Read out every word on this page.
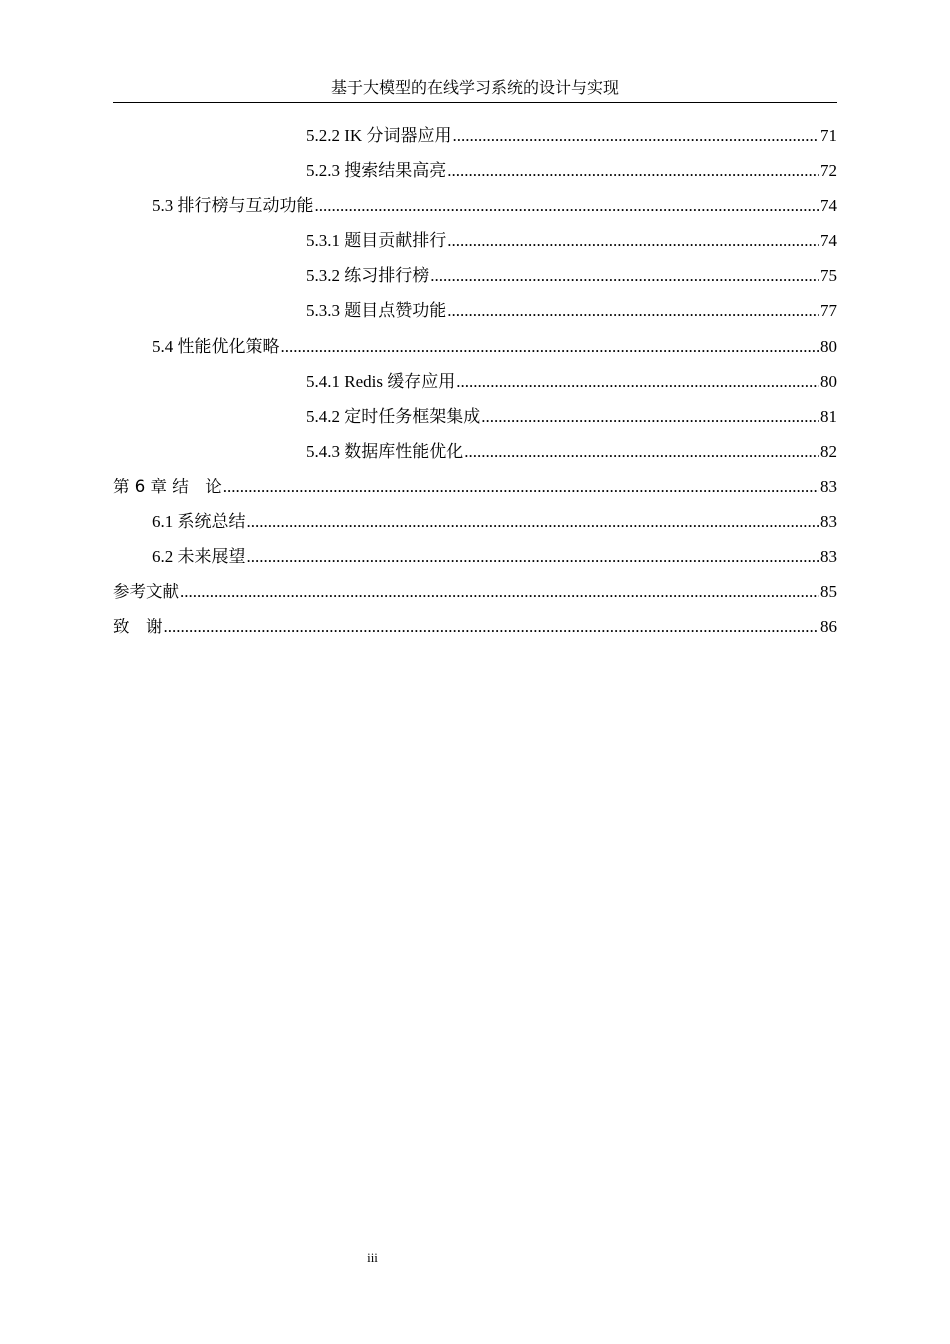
基于大模型的在线学习系统的设计与实现
5.2.2 IK 分词器应用 .....	71
5.2.3 搜索结果高亮 .....	72
5.3 排行榜与互动功能 .....	74
5.3.1 题目贡献排行 .....	74
5.3.2 练习排行榜 .....	75
5.3.3 题目点赞功能 .....	77
5.4 性能优化策略 .....	80
5.4.1 Redis 缓存应用 .....	80
5.4.2 定时任务框架集成 .....	81
5.4.3 数据库性能优化 .....	82
第 6 章 结　论 .....	83
6.1 系统总结 .....	83
6.2 未来展望 .....	83
参考文献 .....	85
致　谢 .....	86
iii
